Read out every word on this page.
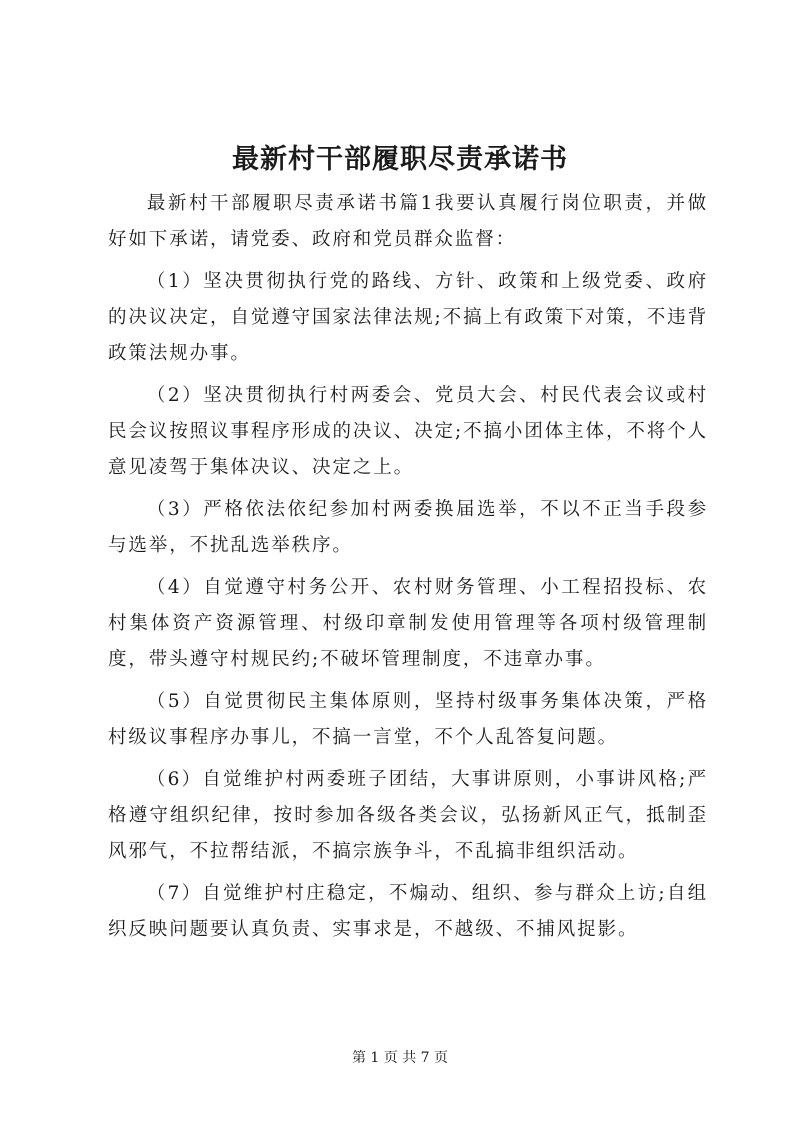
最新村干部履职尽责承诺书

最新村干部履职尽责承诺书篇1我要认真履行岗位职责，并做好如下承诺，请党委、政府和党员群众监督：

（1）坚决贯彻执行党的路线、方针、政策和上级党委、政府的决议决定，自觉遵守国家法律法规;不搞上有政策下对策，不违背政策法规办事。

（2）坚决贯彻执行村两委会、党员大会、村民代表会议或村民会议按照议事程序形成的决议、决定;不搞小团体主体，不将个人意见凌驾于集体决议、决定之上。

（3）严格依法依纪参加村两委换届选举，不以不正当手段参与选举，不扰乱选举秩序。

（4）自觉遵守村务公开、农村财务管理、小工程招投标、农村集体资产资源管理、村级印章制发使用管理等各项村级管理制度，带头遵守村规民约;不破坏管理制度，不违章办事。

（5）自觉贯彻民主集体原则，坚持村级事务集体决策，严格村级议事程序办事儿，不搞一言堂，不个人乱答复问题。

（6）自觉维护村两委班子团结，大事讲原则，小事讲风格;严格遵守组织纪律，按时参加各级各类会议，弘扬新风正气，抵制歪风邪气，不拉帮结派，不搞宗族争斗，不乱搞非组织活动。

（7）自觉维护村庄稳定，不煽动、组织、参与群众上访;自组织反映问题要认真负责、实事求是，不越级、不捕风捉影。

第 1 页 共 7 页
